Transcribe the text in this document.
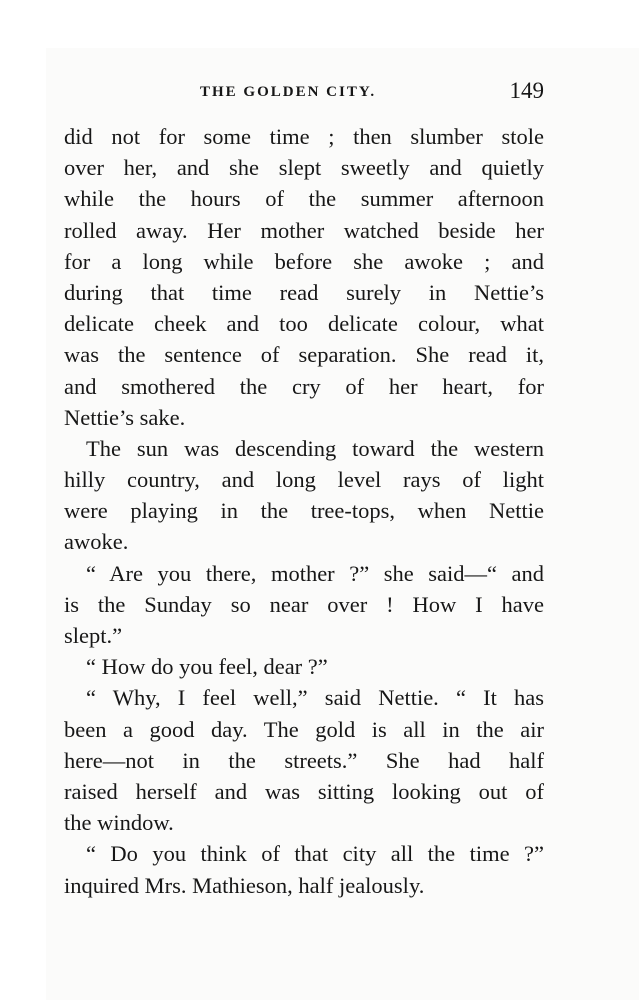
THE GOLDEN CITY.	149
did not for some time ; then slumber stole
over her, and she slept sweetly and quietly
while the hours of the summer afternoon
rolled away. Her mother watched beside her
for a long while before she awoke ; and
during that time read surely in Nettie’s
delicate cheek and too delicate colour, what
was the sentence of separation. She read it,
and smothered the cry of her heart, for
Nettie’s sake.
The sun was descending toward the western
hilly country, and long level rays of light
were playing in the tree-tops, when Nettie
awoke.
“ Are you there, mother ?” she said—“ and
is the Sunday so near over ! How I have
slept.”
“ How do you feel, dear ?”
“ Why, I feel well,” said Nettie. “ It has
been a good day. The gold is all in the air
here—not in the streets.” She had half
raised herself and was sitting looking out of
the window.
“ Do you think of that city all the time ?”
inquired Mrs. Mathieson, half jealously.
